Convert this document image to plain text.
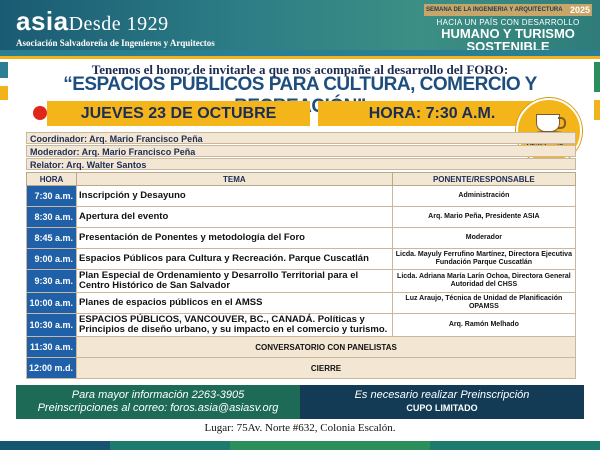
asiaDesde 1929
Asociación Salvadoreña de Ingenieros y Arquitectos
SEMANA DE LA INGENIERIA Y ARQUITECTURA 2025
HACIA UN PAÍS CON DESARROLLO
HUMANO Y TURISMO
SOSTENIBLE
Tenemos el honor de invitarle a que nos acompañe al desarrollo del FORO:
“ESPACIOS PÚBLICOS PARA CULTURA, COMERCIO Y
JUEVES 23 DE OCTUBRE	HORA: 7:30 A.M.
Coordinador: Arq. Mario Francisco Peña
Moderador: Arq. Mario Francisco Peña
Relator: Arq. Walter Santos
HORA	TEMA	PONENTE/RESPONSABLE
7:30 a.m.	Inscripción y Desayuno	Administración
8:30 a.m.	Apertura del evento	Arq. Mario Peña, Presidente ASIA
8:45 a.m.	Presentación de Ponentes y metodología del Foro	Moderador
9:00 a.m.	Espacios Públicos para Cultura y Recreación. Parque Cuscatlán	Licda. Mayuly Ferrufino Martínez, Directora Ejecutiva Fundación Parque Cuscatlán
9:30 a.m.	Plan Especial de Ordenamiento y Desarrollo Territorial para el Centro Histórico de San Salvador	Licda. Adriana María Larín Ochoa, Directora General Autoridad del CHSS
10:00 a.m.	Planes de espacios públicos en el AMSS	Luz Araujo, Técnica de Unidad de Planificación OPAMSS
10:30 a.m.	ESPACIOS PÚBLICOS, VANCOUVER, BC., CANADÁ. Políticas y Principios de diseño urbano, y su impacto en el comercio y turismo.	Arq. Ramón Melhado
11:30 a.m.	CONVERSATORIO CON PANELISTAS	
12:00 m.d.	CIERRE	
Para mayor información 2263-3905
Preinscripciones al correo: foros.asia@asiasv.org
Es necesario realizar Preinscripción
CUPO LIMITADO
Lugar: 75Av. Norte #632, Colonia Escalón.
